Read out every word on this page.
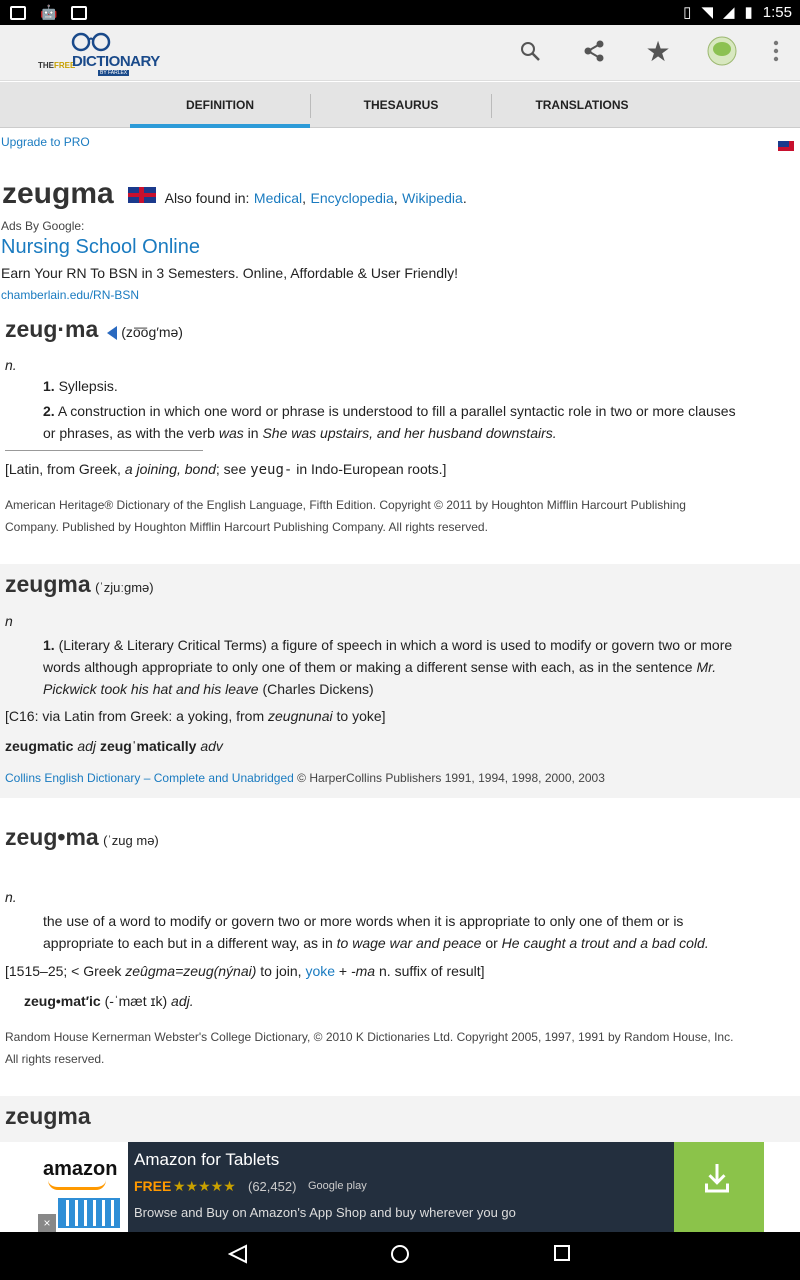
🤖	▯ ◥ ◢ ▮ 1:55
THE FREE
DICTIONARY
BY FARLEX
★
DEFINITION	THESAURUS	TRANSLATIONS
Upgrade to PRO
zeugma	Also found in: Medical, Encyclopedia, Wikipedia.
Ads By Google:
Nursing School Online
Earn Your RN To BSN in 3 Semesters. Online, Affordable & User Friendly!
chamberlain.edu/RN-BSN
zeug·ma (zo͞og′mə)
n.
1. Syllepsis.
2. A construction in which one word or phrase is understood to fill a parallel syntactic role in two or more clauses
or phrases, as with the verb was in She was upstairs, and her husband downstairs.
[Latin, from Greek, a joining, bond; see yeug- in Indo-European roots.]
American Heritage® Dictionary of the English Language, Fifth Edition. Copyright © 2011 by Houghton Mifflin Harcourt Publishing
Company. Published by Houghton Mifflin Harcourt Publishing Company. All rights reserved.
zeugma (ˈzjuːɡmə)
n
1. (Literary & Literary Critical Terms) a figure of speech in which a word is used to modify or govern two or more
words although appropriate to only one of them or making a different sense with each, as in the sentence Mr.
Pickwick took his hat and his leave (Charles Dickens)
[C16: via Latin from Greek: a yoking, from zeugnunai to yoke]
zeugmatic adj zeugˈmatically adv
Collins English Dictionary – Complete and Unabridged © HarperCollins Publishers 1991, 1994, 1998, 2000, 2003
zeug•ma (ˈzug mə)
n.
the use of a word to modify or govern two or more words when it is appropriate to only one of them or is
appropriate to each but in a different way, as in to wage war and peace or He caught a trout and a bad cold.
[1515–25; < Greek zeûgma=zeug(nýnai) to join, yoke + -ma n. suffix of result]
zeug•mat′ic (-ˈmæt ɪk) adj.
Random House Kernerman Webster's College Dictionary, © 2010 K Dictionaries Ltd. Copyright 2005, 1997, 1991 by Random House, Inc.
All rights reserved.
zeugma
amazon
×
Amazon for Tablets
FREE ★★★★★ (62,452) Google play
Browse and Buy on Amazon's App Shop and buy wherever you go
